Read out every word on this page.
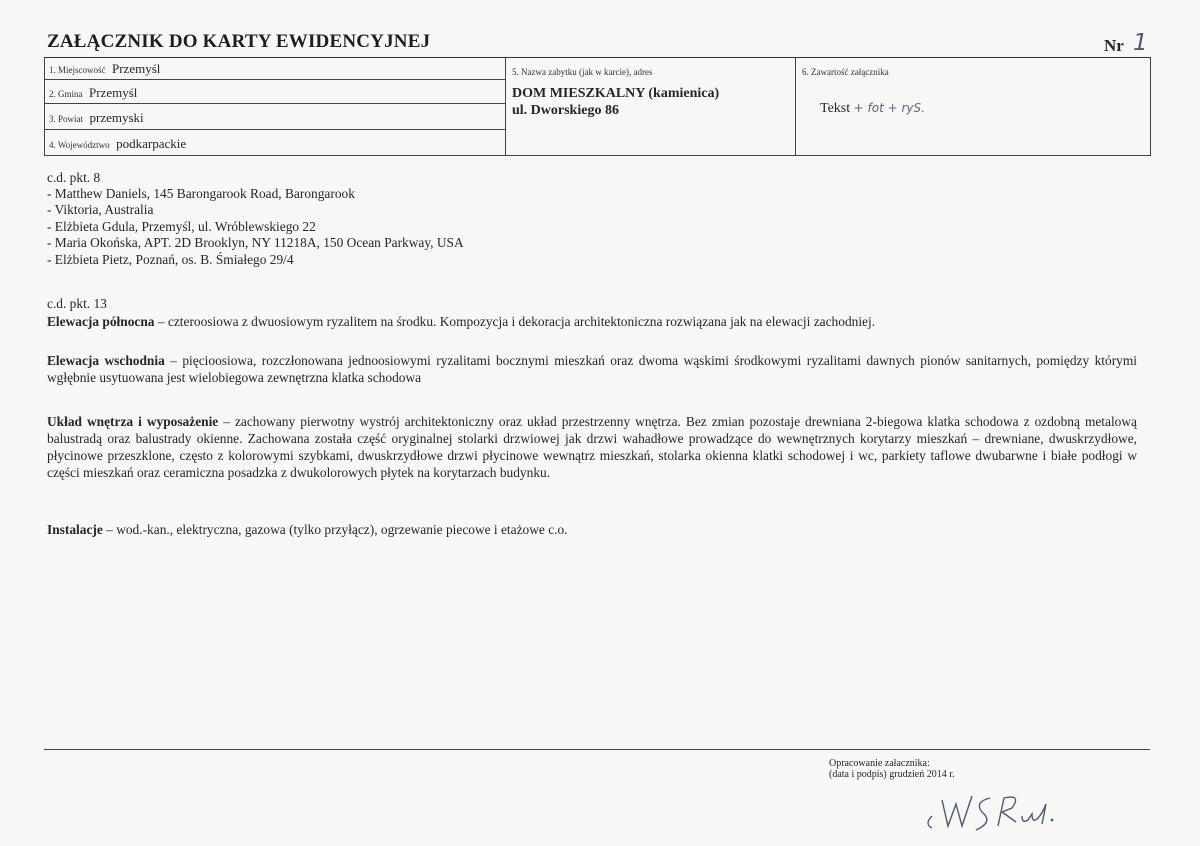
ZAŁĄCZNIK DO KARTY EWIDENCYJNEJ	Nr 1
1. Miejscowość Przemyśl
2. Gmina Przemyśl
3. Powiat przemyski
4. Województwo podkarpackie
5. Nazwa zabytku (jak w karcie), adres
DOM MIESZKALNY (kamienica)
ul. Dworskiego 86
6. Zawartość załącznika
Tekst + fot + ryS.
c.d. pkt. 8
- Matthew Daniels, 145 Barongarook Road, Barongarook
- Viktoria, Australia
- Elżbieta Gdula, Przemyśl, ul. Wróblewskiego 22
- Maria Okońska, APT. 2D Brooklyn, NY 11218A, 150 Ocean Parkway, USA
- Elżbieta Pietz, Poznań, os. B. Śmiałego 29/4
c.d. pkt. 13
Elewacja północna – czteroosiowa z dwuosiowym ryzalitem na środku. Kompozycja i dekoracja architektoniczna rozwiązana jak na elewacji zachodniej.
Elewacja wschodnia – pięcioosiowa, rozczłonowana jednoosiowymi ryzalitami bocznymi mieszkań oraz dwoma wąskimi środkowymi ryzalitami dawnych pionów sanitarnych, pomiędzy którymi wgłębnie usytuowana jest wielobiegowa zewnętrzna klatka schodowa
Układ wnętrza i wyposażenie – zachowany pierwotny wystrój architektoniczny oraz układ przestrzenny wnętrza. Bez zmian pozostaje drewniana 2-biegowa klatka schodowa z ozdobną metalową balustradą oraz balustrady okienne. Zachowana została część oryginalnej stolarki drzwiowej jak drzwi wahadłowe prowadzące do wewnętrznych korytarzy mieszkań – drewniane, dwuskrzydłowe, płycinowe przeszklone, często z kolorowymi szybkami, dwuskrzydłowe drzwi płycinowe wewnątrz mieszkań, stolarka okienna klatki schodowej i wc, parkiety taflowe dwubarwne i białe podłogi w części mieszkań oraz ceramiczna posadzka z dwukolorowych płytek na korytarzach budynku.
Instalacje – wod.-kan., elektryczna, gazowa (tylko przyłącz), ogrzewanie piecowe i etażowe c.o.
Opracowanie załacznika:
(data i podpis) grudzień 2014 r.
